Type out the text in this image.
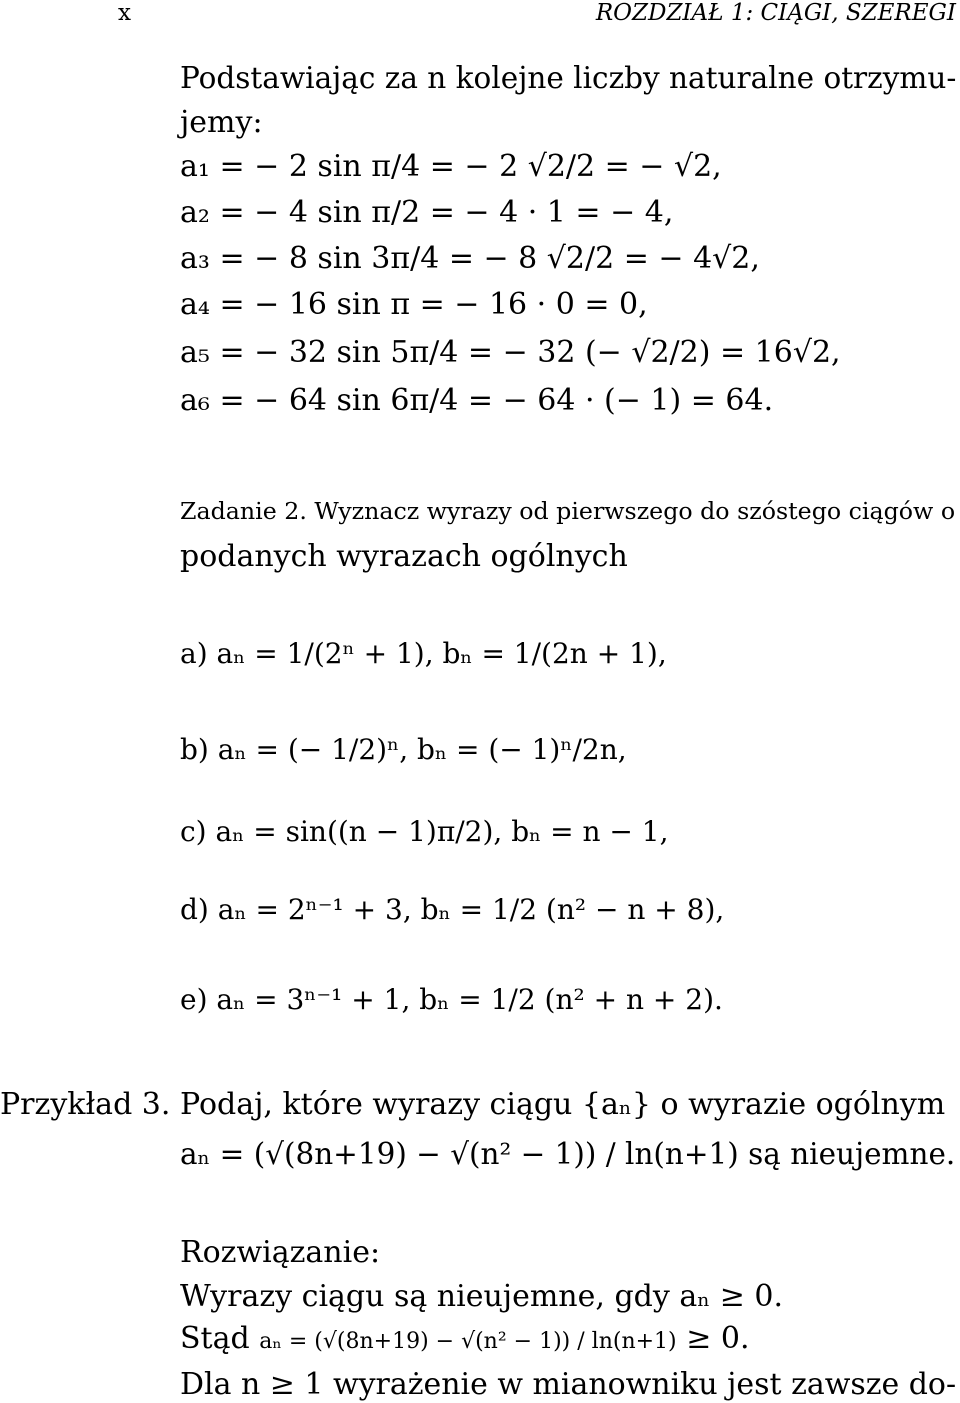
x	ROZDZIAŁ 1: CIĄGI, SZEREGI
Podstawiając za n kolejne liczby naturalne otrzymu-
jemy:
a₁ = − 2 sin π/4 = − 2 √2/2 = − √2,
a₂ = − 4 sin π/2 = − 4 · 1 = − 4,
a₃ = − 8 sin 3π/4 = − 8 √2/2 = − 4√2,
a₄ = − 16 sin π = − 16 · 0 = 0,
a₅ = − 32 sin 5π/4 = − 32 (− √2/2) = 16√2,
a₆ = − 64 sin 6π/4 = − 64 · (− 1) = 64.
Zadanie 2. Wyznacz wyrazy od pierwszego do szóstego ciągów o
podanych wyrazach ogólnych
a) aₙ = 1/(2ⁿ + 1), bₙ = 1/(2n + 1),
b) aₙ = (− 1/2)ⁿ, bₙ = (− 1)ⁿ/2n,
c) aₙ = sin((n − 1)π/2), bₙ = n − 1,
d) aₙ = 2ⁿ⁻¹ + 3, bₙ = 1/2 (n² − n + 8),
e) aₙ = 3ⁿ⁻¹ + 1, bₙ = 1/2 (n² + n + 2).
Przykład 3. Podaj, które wyrazy ciągu {aₙ} o wyrazie ogólnym
aₙ = (√(8n+19) − √(n² − 1)) / ln(n+1) są nieujemne.
Rozwiązanie:
Wyrazy ciągu są nieujemne, gdy aₙ ≥ 0.
Stąd aₙ = (√(8n+19) − √(n² − 1)) / ln(n+1) ≥ 0.
Dla n ≥ 1 wyrażenie w mianowniku jest zawsze do-
